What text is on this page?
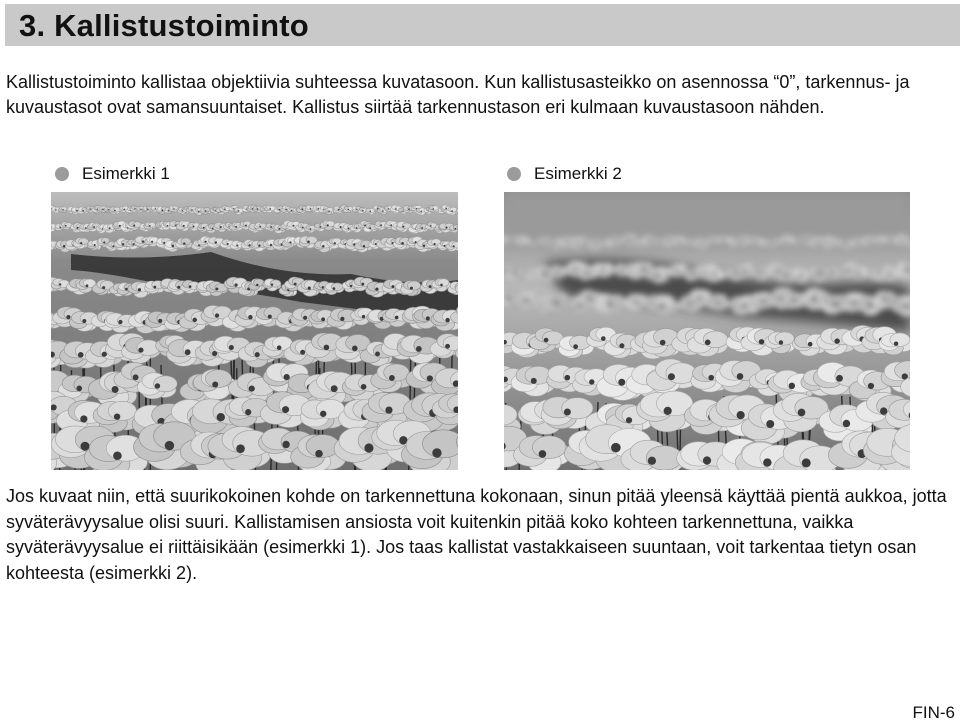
3. Kallistustoiminto

Kallistustoiminto kallistaa objektiivia suhteessa kuvatasoon. Kun kallistusasteikko on asennossa “0”, tarkennus- ja kuvaustasot ovat samansuuntaiset. Kallistus siirtää tarkennustason eri kulmaan kuvaustasoon nähden.

Esimerkki 1	Esimerkki 2

Jos kuvaat niin, että suurikokoinen kohde on tarkennettuna kokonaan, sinun pitää yleensä käyttää pientä aukkoa, jotta syväterävyysalue olisi suuri. Kallistamisen ansiosta voit kuitenkin pitää koko kohteen tarkennettuna, vaikka syväterävyysalue ei riittäisikään (esimerkki 1). Jos taas kallistat vastakkaiseen suuntaan, voit tarkentaa tietyn osan kohteesta (esimerkki 2).

FIN-6
